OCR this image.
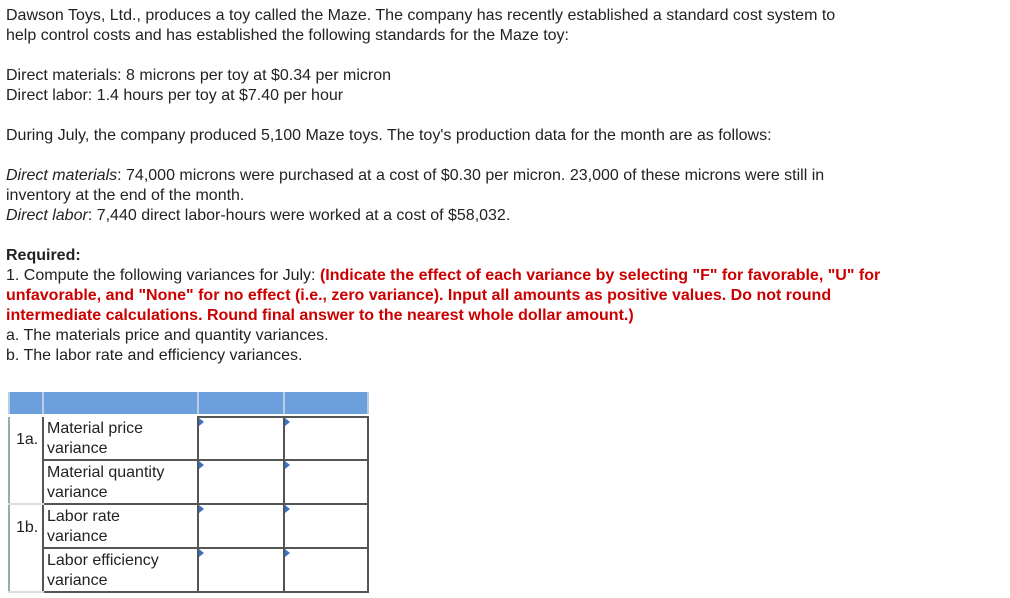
Dawson Toys, Ltd., produces a toy called the Maze. The company has recently established a standard cost system to

help control costs and has established the following standards for the Maze toy:

Direct materials: 8 microns per toy at $0.34 per micron

Direct labor: 1.4 hours per toy at $7.40 per hour

During July, the company produced 5,100 Maze toys. The toy's production data for the month are as follows:

Direct materials: 74,000 microns were purchased at a cost of $0.30 per micron. 23,000 of these microns were still in

inventory at the end of the month.

Direct labor: 7,440 direct labor-hours were worked at a cost of $58,032.

Required:

1. Compute the following variances for July: (Indicate the effect of each variance by selecting "F" for favorable, "U" for

unfavorable, and "None" for no effect (i.e., zero variance). Input all amounts as positive values. Do not round

intermediate calculations. Round final answer to the nearest whole dollar amount.)

a. The materials price and quantity variances.

b. The labor rate and efficiency variances.

1a.	Material price
variance		

	Material quantity
variance		

1b.	Labor rate
variance		

	Labor efficiency
variance		
